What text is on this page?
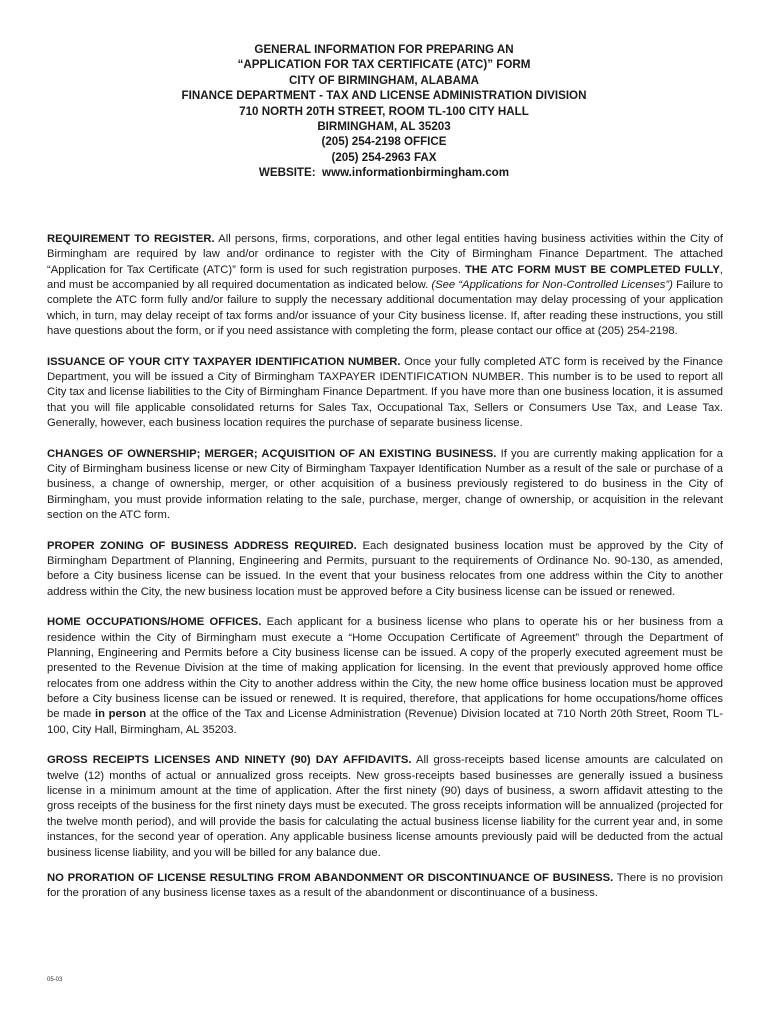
GENERAL INFORMATION FOR PREPARING AN
“APPLICATION FOR TAX CERTIFICATE (ATC)” FORM
CITY OF BIRMINGHAM, ALABAMA
FINANCE DEPARTMENT - TAX AND LICENSE ADMINISTRATION DIVISION
710 NORTH 20TH STREET, ROOM TL-100 CITY HALL
BIRMINGHAM, AL 35203
(205) 254-2198 OFFICE
(205) 254-2963 FAX
WEBSITE:  www.informationbirmingham.com

REQUIREMENT TO REGISTER. All persons, firms, corporations, and other legal entities having business activities within the City of Birmingham are required by law and/or ordinance to register with the City of Birmingham Finance Department. The attached “Application for Tax Certificate (ATC)” form is used for such registration purposes. THE ATC FORM MUST BE COMPLETED FULLY, and must be accompanied by all required documentation as indicated below. (See “Applications for Non-Controlled Licenses”) Failure to complete the ATC form fully and/or failure to supply the necessary additional documentation may delay processing of your application which, in turn, may delay receipt of tax forms and/or issuance of your City business license. If, after reading these instructions, you still have questions about the form, or if you need assistance with completing the form, please contact our office at (205) 254-2198.

ISSUANCE OF YOUR CITY TAXPAYER IDENTIFICATION NUMBER. Once your fully completed ATC form is received by the Finance Department, you will be issued a City of Birmingham TAXPAYER IDENTIFICATION NUMBER. This number is to be used to report all City tax and license liabilities to the City of Birmingham Finance Department. If you have more than one business location, it is assumed that you will file applicable consolidated returns for Sales Tax, Occupational Tax, Sellers or Consumers Use Tax, and Lease Tax. Generally, however, each business location requires the purchase of separate business license.

CHANGES OF OWNERSHIP; MERGER; ACQUISITION OF AN EXISTING BUSINESS. If you are currently making application for a City of Birmingham business license or new City of Birmingham Taxpayer Identification Number as a result of the sale or purchase of a business, a change of ownership, merger, or other acquisition of a business previously registered to do business in the City of Birmingham, you must provide information relating to the sale, purchase, merger, change of ownership, or acquisition in the relevant section on the ATC form.

PROPER ZONING OF BUSINESS ADDRESS REQUIRED. Each designated business location must be approved by the City of Birmingham Department of Planning, Engineering and Permits, pursuant to the requirements of Ordinance No. 90-130, as amended, before a City business license can be issued. In the event that your business relocates from one address within the City to another address within the City, the new business location must be approved before a City business license can be issued or renewed.

HOME OCCUPATIONS/HOME OFFICES. Each applicant for a business license who plans to operate his or her business from a residence within the City of Birmingham must execute a “Home Occupation Certificate of Agreement” through the Department of Planning, Engineering and Permits before a City business license can be issued. A copy of the properly executed agreement must be presented to the Revenue Division at the time of making application for licensing. In the event that previously approved home office relocates from one address within the City to another address within the City, the new home office business location must be approved before a City business license can be issued or renewed. It is required, therefore, that applications for home occupations/home offices be made in person at the office of the Tax and License Administration (Revenue) Division located at 710 North 20th Street, Room TL-100, City Hall, Birmingham, AL 35203.

GROSS RECEIPTS LICENSES AND NINETY (90) DAY AFFIDAVITS. All gross-receipts based license amounts are calculated on twelve (12) months of actual or annualized gross receipts. New gross-receipts based businesses are generally issued a business license in a minimum amount at the time of application. After the first ninety (90) days of business, a sworn affidavit attesting to the gross receipts of the business for the first ninety days must be executed. The gross receipts information will be annualized (projected for the twelve month period), and will provide the basis for calculating the actual business license liability for the current year and, in some instances, for the second year of operation. Any applicable business license amounts previously paid will be deducted from the actual business license liability, and you will be billed for any balance due.

NO PRORATION OF LICENSE RESULTING FROM ABANDONMENT OR DISCONTINUANCE OF BUSINESS. There is no provision for the proration of any business license taxes as a result of the abandonment or discontinuance of a business.

05-03
